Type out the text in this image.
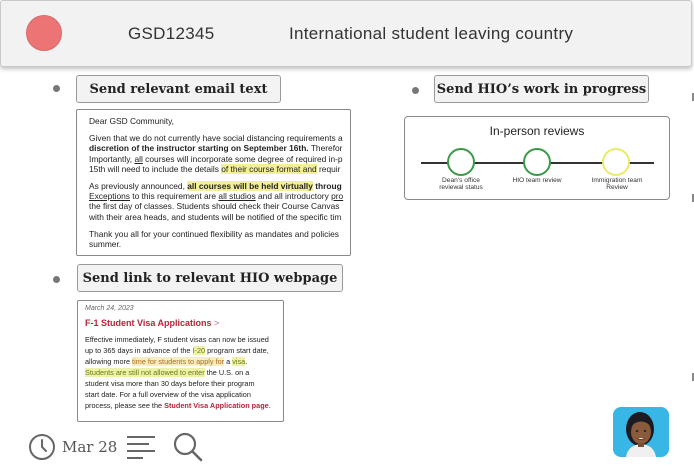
GSD12345	International student leaving country
Send relevant email text

Dear GSD Community,

Given that we do not currently have social distancing requirements a

discretion of the instructor starting on September 16th. Therefor

Importantly, all courses will incorporate some degree of required in-p

15th will need to include the details of their course format and requir

As previously announced, all courses will be held virtually throug

Exceptions to this requirement are all studios and all introductory pro

the first day of classes. Students should check their Course Canvas

with their area heads, and students will be notified of the specific tim

Thank you all for your continued flexibility as mandates and policies

summer.

Send link to relevant HIO webpage
March 24, 2023
F-1 Student Visa Applications >
Effective immediately, F student visas can now be issued
up to 365 days in advance of the I-20 program start date,
allowing more time for students to apply for a visa.
Students are still not allowed to enter the U.S. on a
student visa more than 30 days before their program
start date. For a full overview of the visa application
process, please see the Student Visa Application page.
Send HIO’s work in progress
In-person reviews
Dean’s office
reviewal status
HIO team review	Immigration team
Review
Mar 28
